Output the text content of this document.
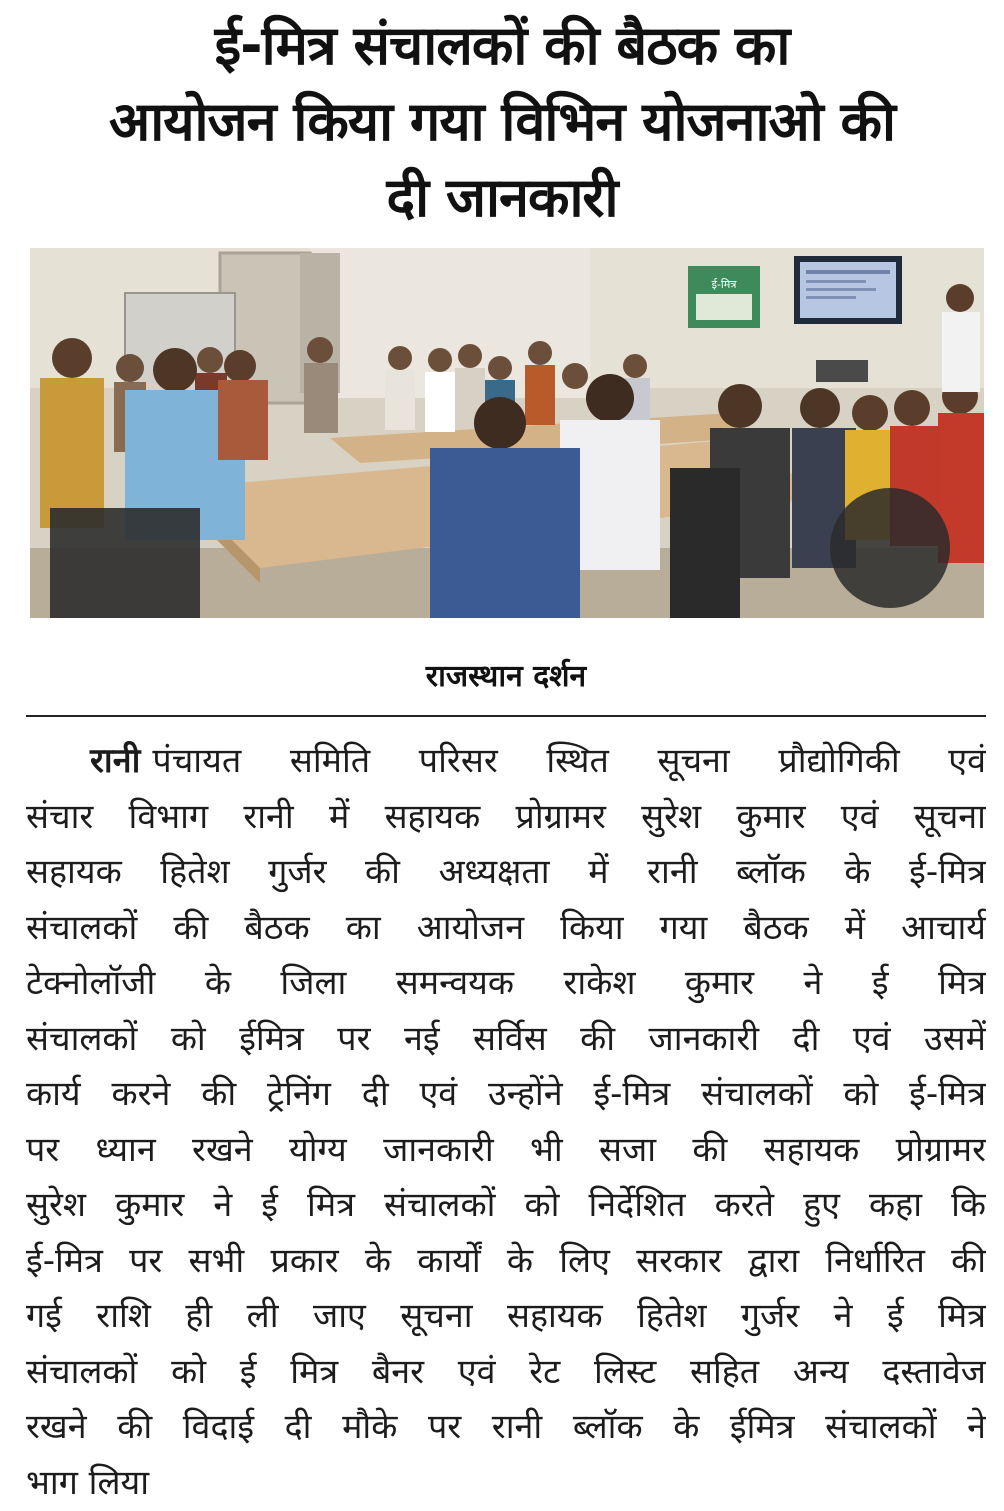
ई-मित्र संचालकों की बैठक का
आयोजन किया गया विभिन योजनाओ की
दी जानकारी
ई-मित्र
राजस्थान दर्शन
रानी पंचायत समिति परिसर स्थित सूचना प्रौद्योगिकी एवं
संचार विभाग रानी में सहायक प्रोग्रामर सुरेश कुमार एवं सूचना
सहायक हितेश गुर्जर की अध्यक्षता में रानी ब्लॉक के ई-मित्र
संचालकों की बैठक का आयोजन किया गया बैठक में आचार्य
टेक्नोलॉजी के जिला समन्वयक राकेश कुमार ने ई मित्र
संचालकों को ईमित्र पर नई सर्विस की जानकारी दी एवं उसमें
कार्य करने की ट्रेनिंग दी एवं उन्होंने ई-मित्र संचालकों को ई-मित्र
पर ध्यान रखने योग्य जानकारी भी सजा की सहायक प्रोग्रामर
सुरेश कुमार ने ई मित्र संचालकों को निर्देशित करते हुए कहा कि
ई-मित्र पर सभी प्रकार के कार्यों के लिए सरकार द्वारा निर्धारित की
गई राशि ही ली जाए सूचना सहायक हितेश गुर्जर ने ई मित्र
संचालकों को ई मित्र बैनर एवं रेट लिस्ट सहित अन्य दस्तावेज
रखने की विदाई दी मौके पर रानी ब्लॉक के ईमित्र संचालकों ने
भाग लिया
